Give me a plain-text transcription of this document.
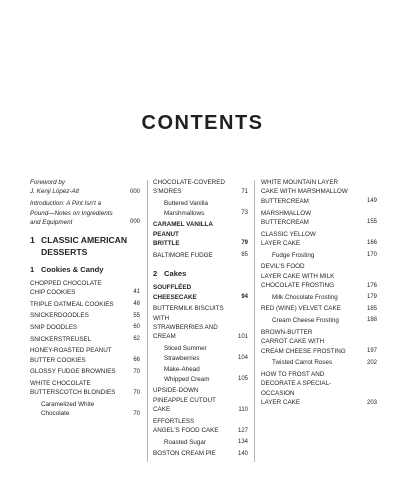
CONTENTS
Foreword by
J. Kenji López-Alt	000
Introduction: A Pint Isn't a
Pound—Notes on Ingredients
and Equipment	000
1 CLASSIC AMERICAN
DESSERTS
1 Cookies & Candy
CHOPPED CHOCOLATE
CHIP COOKIES	41
TRIPLE OATMEAL COOKIES	48
SNICKERDOODLES	55
SNIP DOODLES	60
SNICKERSTREUSEL	62
HONEY-ROASTED PEANUT
BUTTER COOKIES	66
GLOSSY FUDGE BROWNIES	70
WHITE CHOCOLATE
BUTTERSCOTCH BLONDIES	70
Caramelized White
Chocolate	70
CHOCOLATE-COVERED
S'MORES	71
Buttered Vanilla
Marshmallows	73
CARAMEL VANILLA PEANUT
BRITTLE	79
BALTIMORE FUDGE	85
2 Cakes
SOUFFLÉED CHEESECAKE	94
BUTTERMILK BISCUITS WITH
STRAWBERRIES AND CREAM	101
Sliced Summer
Strawberries	104
Make-Ahead
Whipped Cream	105
UPSIDE-DOWN
PINEAPPLE CUTOUT CAKE	110
EFFORTLESS
ANGEL'S FOOD CAKE	127
Roasted Sugar	134
BOSTON CREAM PIE	140
WHITE MOUNTAIN LAYER
CAKE WITH MARSHMALLOW
BUTTERCREAM	149
MARSHMALLOW
BUTTERCREAM	155
CLASSIC YELLOW
LAYER CAKE	166
Fudge Frosting	170
DEVIL'S FOOD
LAYER CAKE WITH MILK
CHOCOLATE FROSTING	176
Milk Chocolate Frosting	179
RED (WINE) VELVET CAKE	185
Cream Cheese Frosting	188
BROWN-BUTTER
CARROT CAKE WITH
CREAM CHEESE FROSTING	197
Twisted Carrot Roses	202
HOW TO FROST AND
DECORATE A SPECIAL-OCCASION
LAYER CAKE	203
